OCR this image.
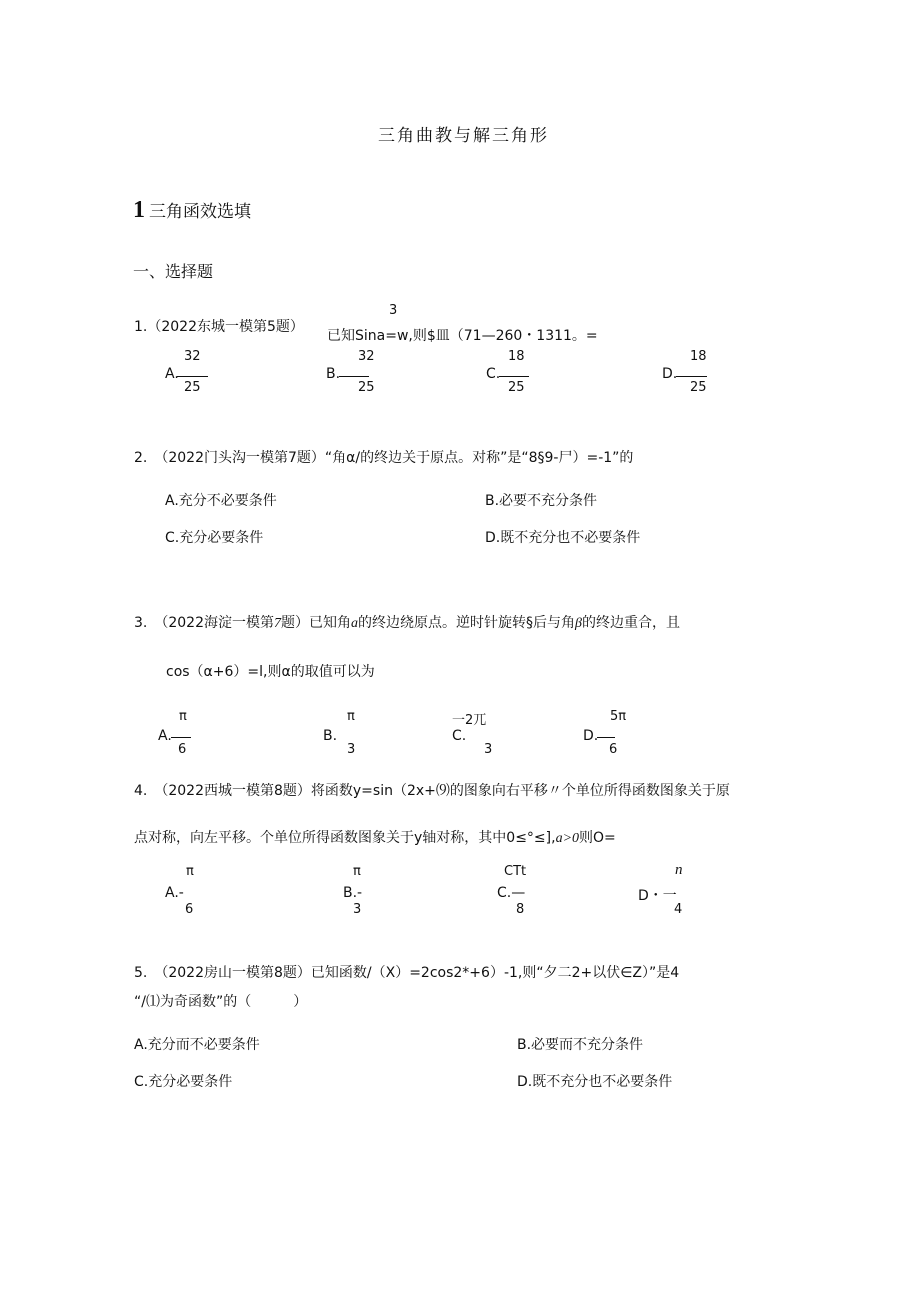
三角曲教与解三角形
1 三角函效选填
一、选择题
1.（2022东城一模第5题）
3
已知Sina=w,则$皿（71—260・1311。=
32
A.
25
32
B.
25
18
C.
25
18
D.
25
2.　（2022门头沟一模第7题）“角α/的终边关于原点。对称”是“8§9-尸）=-1”的
A.充分不必要条件	B.必要不充分条件
C.充分必要条件	D.既不充分也不必要条件
3.　（2022海淀一模第7题）已知角a的终边绕原点。逆时针旋转§后与角β的终边重合，且
cos（α+6）=l,则α的取值可以为
π
A.
6
π
B.
3
一2兀
C.
3
5π
D.
6
4.　（2022西城一模第8题）将函数y=sin（2x+⑼的图象向右平移〃个单位所得函数图象关于原
点对称，向左平移。个单位所得函数图象关于y轴对称，其中0≤°≤],a>0则O=
π
A.-
6
π
B.-
3
CTt
C.—
8
n
D・一
4
5.　（2022房山一模第8题）已知函数/（X）=2cos2*+6）-1,则“夕二2+以伏∈Z）”是4
“/⑴为奇函数”的（　　　）
A.充分而不必要条件	B.必要而不充分条件
C.充分必要条件	D.既不充分也不必要条件
